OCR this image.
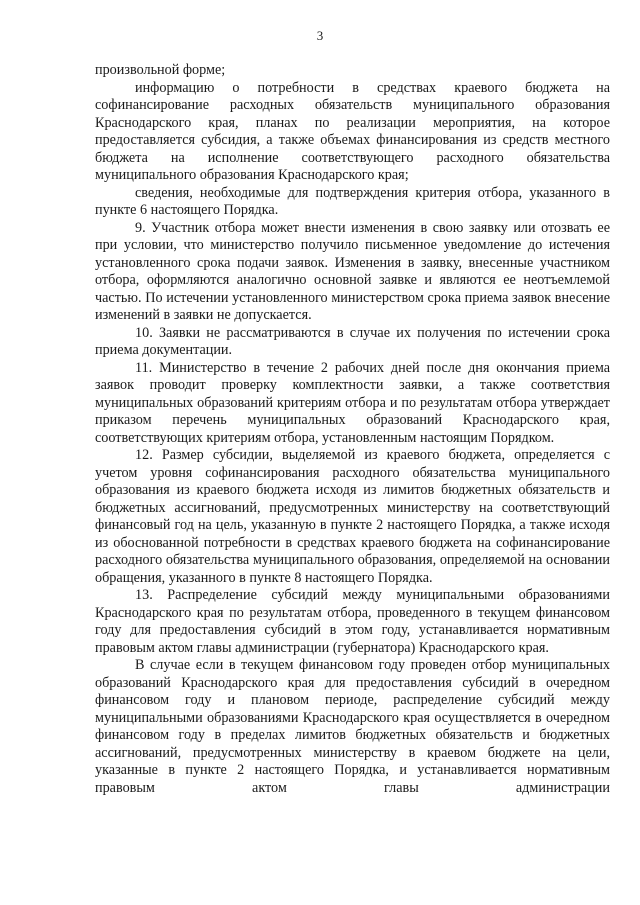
3

произвольной форме;

информацию о потребности в средствах краевого бюджета на софинансирование расходных обязательств муниципального образования Краснодарского края, планах по реализации мероприятия, на которое предоставляется субсидия, а также объемах финансирования из средств местного бюджета на исполнение соответствующего расходного обязательства муниципального образования Краснодарского края;

сведения, необходимые для подтверждения критерия отбора, указанного в пункте 6 настоящего Порядка.

9. Участник отбора может внести изменения в свою заявку или отозвать ее при условии, что министерство получило письменное уведомление до истечения установленного срока подачи заявок. Изменения в заявку, внесенные участником отбора, оформляются аналогично основной заявке и являются ее неотъемлемой частью. По истечении установленного министерством срока приема заявок внесение изменений в заявки не допускается.

10. Заявки не рассматриваются в случае их получения по истечении срока приема документации.

11. Министерство в течение 2 рабочих дней после дня окончания приема заявок проводит проверку комплектности заявки, а также соответствия муниципальных образований критериям отбора и по результатам отбора утверждает приказом перечень муниципальных образований Краснодарского края, соответствующих критериям отбора, установленным настоящим Порядком.

12. Размер субсидии, выделяемой из краевого бюджета, определяется с учетом уровня софинансирования расходного обязательства муниципального образования из краевого бюджета исходя из лимитов бюджетных обязательств и бюджетных ассигнований, предусмотренных министерству на соответствующий финансовый год на цель, указанную в пункте 2 настоящего Порядка, а также исходя из обоснованной потребности в средствах краевого бюджета на софинансирование расходного обязательства муниципального образования, определяемой на основании обращения, указанного в пункте 8 настоящего Порядка.

13. Распределение субсидий между муниципальными образованиями Краснодарского края по результатам отбора, проведенного в текущем финансовом году для предоставления субсидий в этом году, устанавливается нормативным правовым актом главы администрации (губернатора) Краснодарского края.

В случае если в текущем финансовом году проведен отбор муниципальных образований Краснодарского края для предоставления субсидий в очередном финансовом году и плановом периоде, распределение субсидий между муниципальными образованиями Краснодарского края осуществляется в очередном финансовом году в пределах лимитов бюджетных обязательств и бюджетных ассигнований, предусмотренных министерству в краевом бюджете на цели, указанные в пункте 2 настоящего Порядка, и устанавливается нормативным правовым актом главы администрации
